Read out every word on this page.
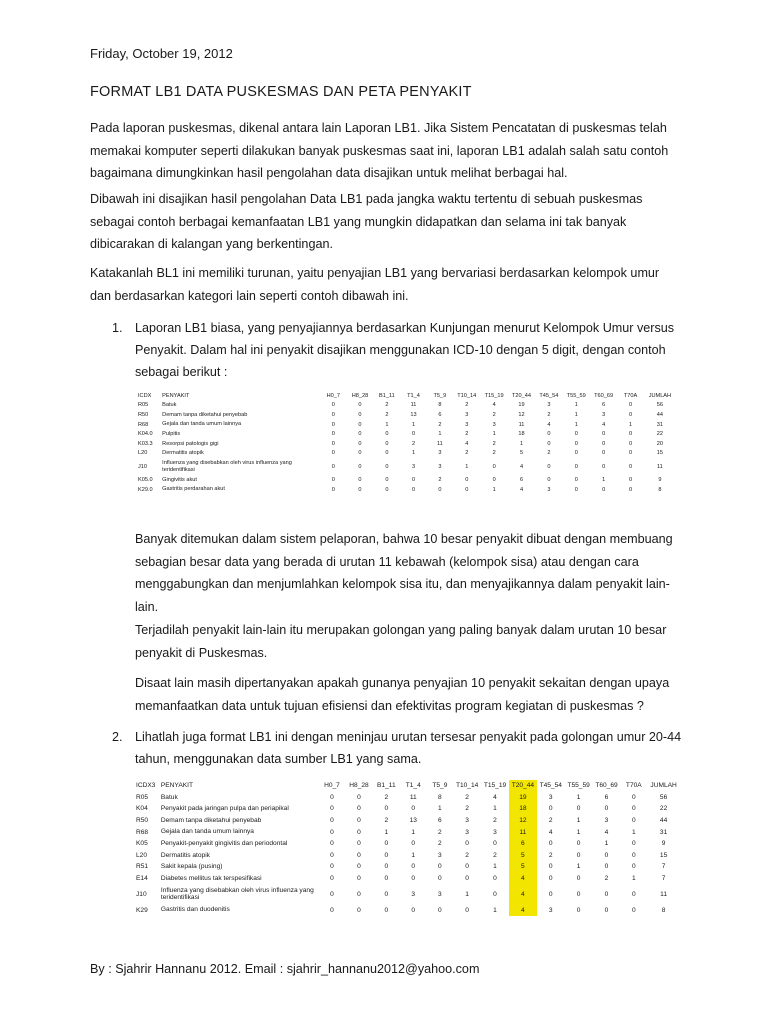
Friday, October 19, 2012
FORMAT LB1 DATA PUSKESMAS DAN PETA PENYAKIT
Pada laporan puskesmas, dikenal antara lain Laporan LB1. Jika Sistem Pencatatan di puskesmas telah memakai komputer seperti dilakukan banyak puskesmas saat ini, laporan LB1 adalah salah satu contoh bagaimana dimungkinkan hasil pengolahan data disajikan untuk melihat berbagai hal.
Dibawah ini disajikan hasil pengolahan Data LB1 pada jangka waktu tertentu di sebuah puskesmas sebagai contoh berbagai kemanfaatan LB1 yang mungkin didapatkan dan selama ini tak banyak dibicarakan di kalangan yang berkentingan.
Katakanlah BL1 ini memiliki turunan, yaitu penyajian LB1 yang bervariasi berdasarkan kelompok umur dan berdasarkan kategori lain seperti contoh dibawah ini.
1. Laporan LB1 biasa, yang penyajiannya berdasarkan Kunjungan menurut Kelompok Umur versus Penyakit. Dalam hal ini penyakit disajikan menggunakan ICD-10 dengan 5 digit, dengan contoh sebagai berikut :
ICDX	PENYAKIT	H0_7	H8_28	B1_11	T1_4	T5_9	T10_14	T15_19	T20_44	T45_54	T55_59	T60_69	T70A	JUMLAH
R05	Batuk	0	0	2	11	8	2	4	19	3	1	6	0	56
R50	Demam tanpa diketahui penyebab	0	0	2	13	6	3	2	12	2	1	3	0	44
R68	Gejala dan tanda umum lainnya	0	0	1	1	2	3	3	11	4	1	4	1	31
K04.0	Pulpitis	0	0	0	0	1	2	1	18	0	0	0	0	22
K03.3	Resorpsi patologis gigi	0	0	0	2	11	4	2	1	0	0	0	0	20
L20	Dermatitis atopik	0	0	0	1	3	2	2	5	2	0	0	0	15
J10	Influenza yang disebabkan oleh virus influenza yang teridentifikasi	0	0	0	3	3	1	0	4	0	0	0	0	11
K05.0	Gingivitis akut	0	0	0	0	2	0	0	6	0	0	1	0	9
K29.0	Gastritis perdarahan akut	0	0	0	0	0	0	1	4	3	0	0	0	8
Banyak ditemukan dalam sistem pelaporan, bahwa 10 besar penyakit dibuat dengan membuang sebagian besar data yang berada di urutan 11 kebawah (kelompok sisa) atau dengan cara menggabungkan dan menjumlahkan kelompok sisa itu, dan menyajikannya dalam penyakit lain-lain.
Terjadilah penyakit lain-lain itu merupakan golongan yang paling banyak dalam urutan 10 besar penyakit di Puskesmas.
Disaat lain masih dipertanyakan apakah gunanya penyajian 10 penyakit sekaitan dengan upaya memanfaatkan data untuk tujuan efisiensi dan efektivitas program kegiatan di puskesmas ?
2. Lihatlah juga format LB1 ini dengan meninjau urutan tersesar penyakit pada golongan umur 20-44 tahun, menggunakan data sumber LB1 yang sama.
ICDX3	PENYAKIT	H0_7	H8_28	B1_11	T1_4	T5_9	T10_14	T15_19	T20_44	T45_54	T55_59	T60_69	T70A	JUMLAH
R05	Batuk	0	0	2	11	8	2	4	19	3	1	6	0	56
K04	Penyakit pada jaringan pulpa dan periapikal	0	0	0	0	1	2	1	18	0	0	0	0	22
R50	Demam tanpa diketahui penyebab	0	0	2	13	6	3	2	12	2	1	3	0	44
R68	Gejala dan tanda umum lainnya	0	0	1	1	2	3	3	11	4	1	4	1	31
K05	Penyakit-penyakit gingivitis dan periodontal	0	0	0	0	2	0	0	6	0	0	1	0	9
L20	Dermatitis atopik	0	0	0	1	3	2	2	5	2	0	0	0	15
R51	Sakit kepala (pusing)	0	0	0	0	0	0	1	5	0	1	0	0	7
E14	Diabetes mellitus tak terspesifikasi	0	0	0	0	0	0	0	4	0	0	2	1	7
J10	Influenza yang disebabkan oleh virus influenza yang teridentifikasi	0	0	0	3	3	1	0	4	0	0	0	0	11
K29	Gastritis dan duodenitis	0	0	0	0	0	0	1	4	3	0	0	0	8
By : Sjahrir Hannanu 2012. Email : sjahrir_hannanu2012@yahoo.com
